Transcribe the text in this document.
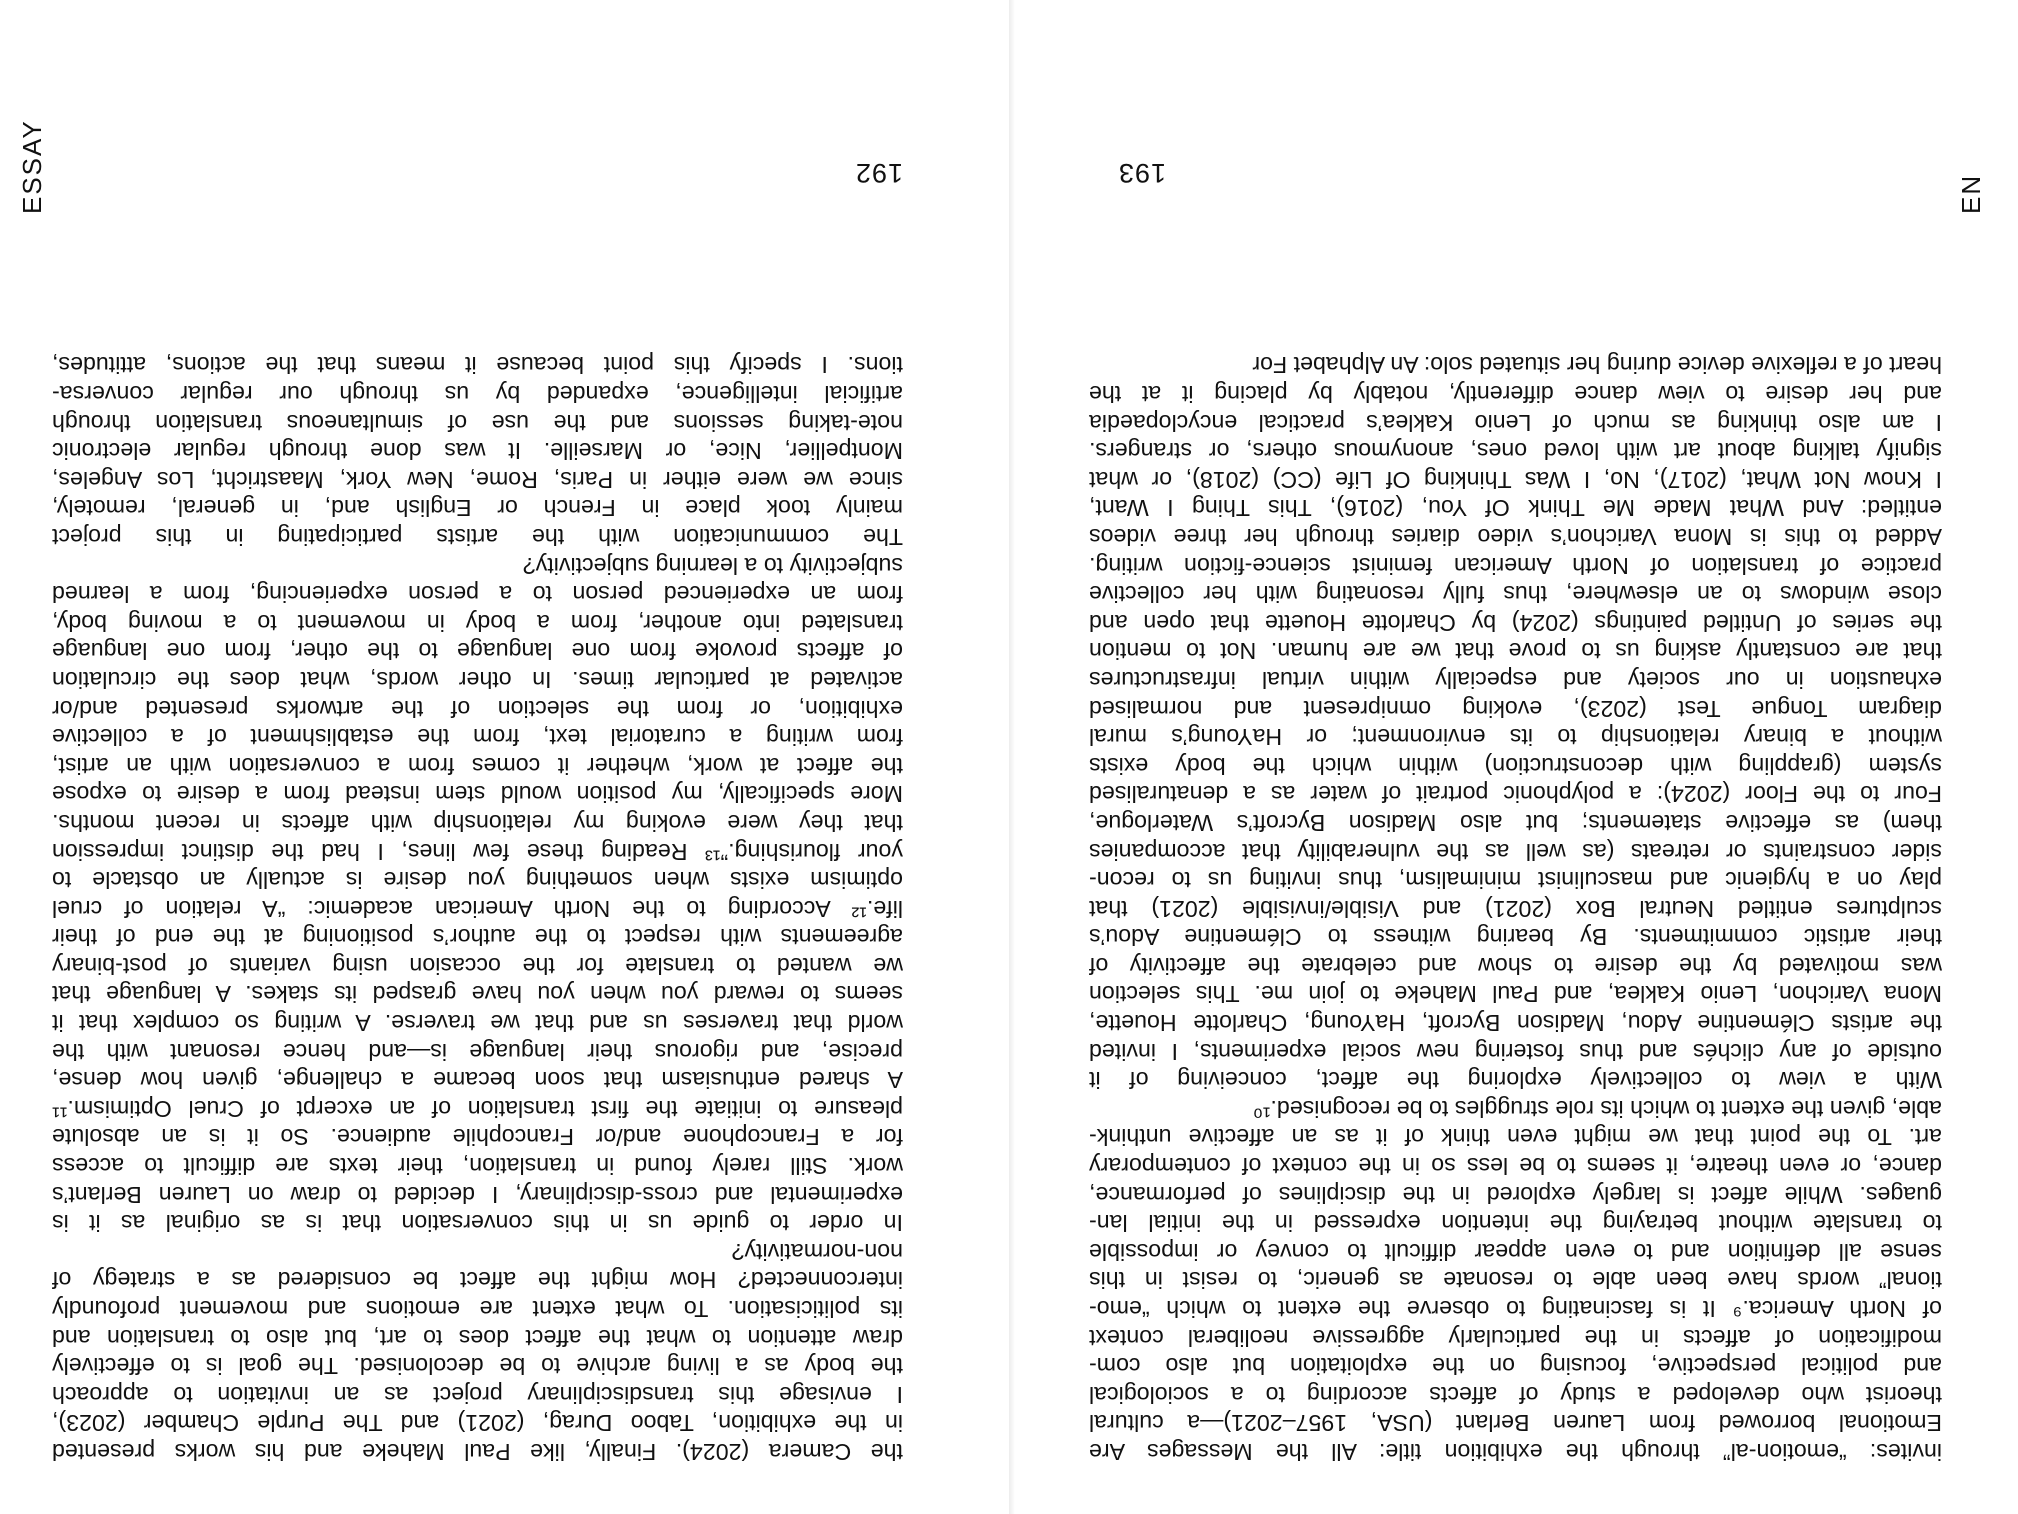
EN
193
invites: “emotion-al” through the exhibition title: All the Messages Are
Emotional borrowed from Lauren Berlant (USA, 1957–2021)—a cultural
theorist who developed a study of affects according to a sociological
and political perspective, focusing on the exploitation but also com-
modification of affects in the particularly aggressive neoliberal context
of North America.⁹ It is fascinating to observe the extent to which “emo-
tional” words have been able to resonate as generic, to resist in this
sense all definition and to even appear difficult to convey or impossible
to translate without betraying the intention expressed in the initial lan-
guages. While affect is largely explored in the disciplines of performance,
dance, or even theatre, it seems to be less so in the context of contemporary
art. To the point that we might even think of it as an affective unthink-
able, given the extent to which its role struggles to be recognised.¹⁰
With a view to collectively exploring the affect, conceiving of it
outside of any clichés and thus fostering new social experiments, I invited
the artists Clémentine Adou, Madison Bycroft, HaYoung, Charlotte Houette,
Mona Varichon, Lenio Kaklea, and Paul Maheke to join me. This selection
was motivated by the desire to show and celebrate the affectivity of
their artistic commitments. By bearing witness to Clémentine Adou’s
sculptures entitled Neutral Box (2021) and Visible/invisible (2021) that
play on a hygienic and masculinist minimalism, thus inviting us to recon-
sider constraints or retreats (as well as the vulnerability that accompanies
them) as effective statements; but also Madison Bycroft’s Waterlogue,
Four to the Floor (2024): a polyphonic portrait of water as a denaturalised
system (grappling with deconstruction) within which the body exists
without a binary relationship to its environment; or HaYoung’s mural
diagram Tongue Test (2023), evoking omnipresent and normalised
exhaustion in our society and especially within virtual infrastructures
that are constantly asking us to prove that we are human. Not to mention
the series of Untitled paintings (2024) by Charlotte Houette that open and
close windows to an elsewhere, thus fully resonating with her collective
practice of translation of North American feminist science-fiction writing.
Added to this is Mona Varichon’s video diaries through her three videos
entitled: And What Made Me Think Of You, (2016), This Thing I Want,
I Know Not What, (2017), No, I Was Thinking Of Life (CC) (2018), or what
signify talking about art with loved ones, anonymous others, or strangers.
I am also thinking as much of Lenio Kaklea’s practical encyclopaedia
and her desire to view dance differently, notably by placing it at the
heart of a reflexive device during her situated solo: An Alphabet For
ESSAY	192
the Camera (2024). Finally, like Paul Maheke and his works presented
in the exhibition, Taboo Durag, (2021) and The Purple Chamber (2023),
I envisage this transdisciplinary project as an invitation to approach
the body as a living archive to be decolonised. The goal is to effectively
draw attention to what the affect does to art, but also to translation and
its politicisation. To what extent are emotions and movement profoundly
interconnected? How might the affect be considered as a strategy of
non-normativity?
In order to guide us in this conversation that is as original as it is
experimental and cross-disciplinary, I decided to draw on Lauren Berlant’s
work. Still rarely found in translation, their texts are difficult to access
for a Francophone and/or Francophile audience. So it is an absolute
pleasure to initiate the first translation of an excerpt of Cruel Optimism.¹¹
A shared enthusiasm that soon became a challenge, given how dense,
precise, and rigorous their language is—and hence resonant with the
world that traverses us and that we traverse. A writing so complex that it
seems to reward you when you have grasped its stakes. A language that
we wanted to translate for the occasion using variants of post-binary
agreements with respect to the author’s positioning at the end of their
life.¹² According to the North American academic: “A relation of cruel
optimism exists when something you desire is actually an obstacle to
your flourishing.”¹³ Reading these few lines, I had the distinct impression
that they were evoking my relationship with affects in recent months.
More specifically, my position would stem instead from a desire to expose
the affect at work, whether it comes from a conversation with an artist,
from writing a curatorial text, from the establishment of a collective
exhibition, or from the selection of the artworks presented and/or
activated at particular times. In other words, what does the circulation
of affects provoke from one language to the other, from one language
translated into another, from a body in movement to a moving body,
from an experienced person to a person experiencing, from a learned
subjectivity to a learning subjectivity?
The communication with the artists participating in this project
mainly took place in French or English and, in general, remotely,
since we were either in Paris, Rome, New York, Maastricht, Los Angeles,
Montpellier, Nice, or Marseille. It was done through regular electronic
note-taking sessions and the use of simultaneous translation through
artificial intelligence, expanded by us through our regular conversa-
tions. I specify this point because it means that the actions, attitudes,
